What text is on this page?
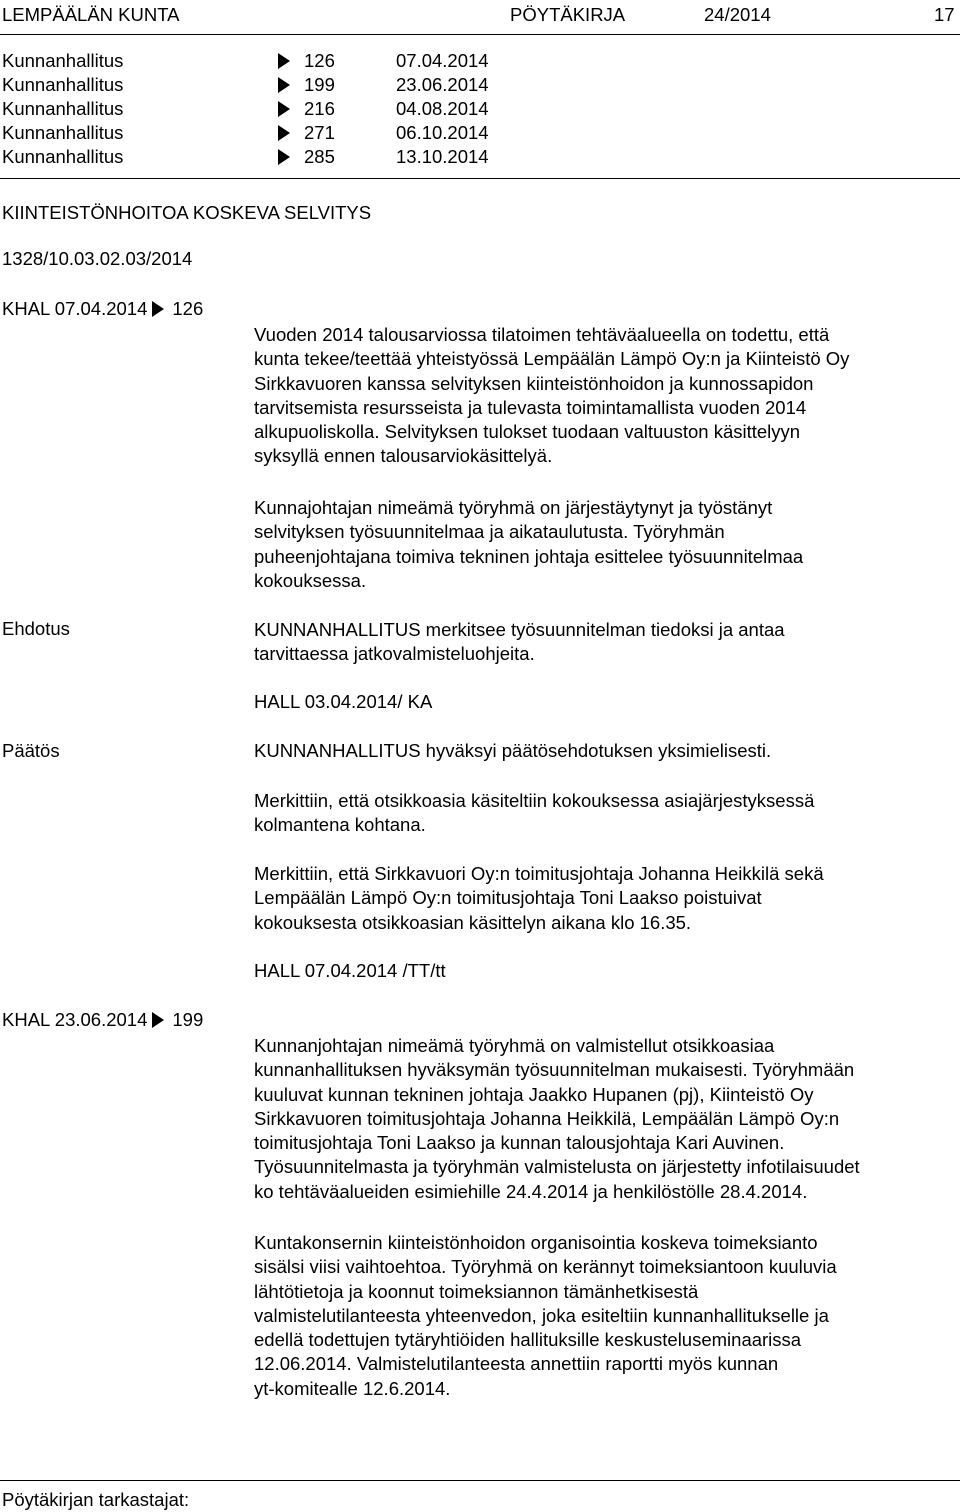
LEMPÄÄLÄN KUNTA	PÖYTÄKIRJA	24/2014	17
Kunnanhallitus	126	07.04.2014
Kunnanhallitus	199	23.06.2014
Kunnanhallitus	216	04.08.2014
Kunnanhallitus	271	06.10.2014
Kunnanhallitus	285	13.10.2014
KIINTEISTÖNHOITOA KOSKEVA SELVITYS
1328/10.03.02.03/2014
KHAL 07.04.2014 126

Vuoden 2014 talousarviossa tilatoimen tehtäväalueella on todettu, että
kunta tekee/teettää yhteistyössä Lempäälän Lämpö Oy:n ja Kiinteistö Oy
Sirkkavuoren kanssa selvityksen kiinteistönhoidon ja kunnossapidon
tarvitsemista resursseista ja tulevasta toimintamallista vuoden 2014
alkupuoliskolla. Selvityksen tulokset tuodaan valtuuston käsittelyyn
syksyllä ennen talousarviokäsittelyä.

Kunnajohtajan nimeämä työryhmä on järjestäytynyt ja työstänyt
selvityksen työsuunnitelmaa ja aikataulutusta. Työryhmän
puheenjohtajana toimiva tekninen johtaja esittelee työsuunnitelmaa
kokouksessa.

Ehdotus	KUNNANHALLITUS merkitsee työsuunnitelman tiedoksi ja antaa
tarvittaessa jatkovalmisteluohjeita.

HALL 03.04.2014/ KA
Päätös	KUNNANHALLITUS hyväksyi päätösehdotuksen yksimielisesti.

Merkittiin, että otsikkoasia käsiteltiin kokouksessa asiajärjestyksessä
kolmantena kohtana.

Merkittiin, että Sirkkavuori Oy:n toimitusjohtaja Johanna Heikkilä sekä
Lempäälän Lämpö Oy:n toimitusjohtaja Toni Laakso poistuivat
kokouksesta otsikkoasian käsittelyn aikana klo 16.35.

HALL 07.04.2014 /TT/tt
KHAL 23.06.2014 199

Kunnanjohtajan nimeämä työryhmä on valmistellut otsikkoasiaa
kunnanhallituksen hyväksymän työsuunnitelman mukaisesti. Työryhmään
kuuluvat kunnan tekninen johtaja Jaakko Hupanen (pj), Kiinteistö Oy
Sirkkavuoren toimitusjohtaja Johanna Heikkilä, Lempäälän Lämpö Oy:n
toimitusjohtaja Toni Laakso ja kunnan talousjohtaja Kari Auvinen.
Työsuunnitelmasta ja työryhmän valmistelusta on järjestetty infotilaisuudet
ko tehtäväalueiden esimiehille 24.4.2014 ja henkilöstölle 28.4.2014.

Kuntakonsernin kiinteistönhoidon organisointia koskeva toimeksianto
sisälsi viisi vaihtoehtoa. Työryhmä on kerännyt toimeksiantoon kuuluvia
lähtötietoja ja koonnut toimeksiannon tämänhetkisestä
valmistelutilanteesta yhteenvedon, joka esiteltiin kunnanhallitukselle ja
edellä todettujen tytäryhtiöiden hallituksille keskusteluseminaarissa
12.06.2014. Valmistelutilanteesta annettiin raportti myös kunnan
yt-komitealle 12.6.2014.

Pöytäkirjan tarkastajat:
